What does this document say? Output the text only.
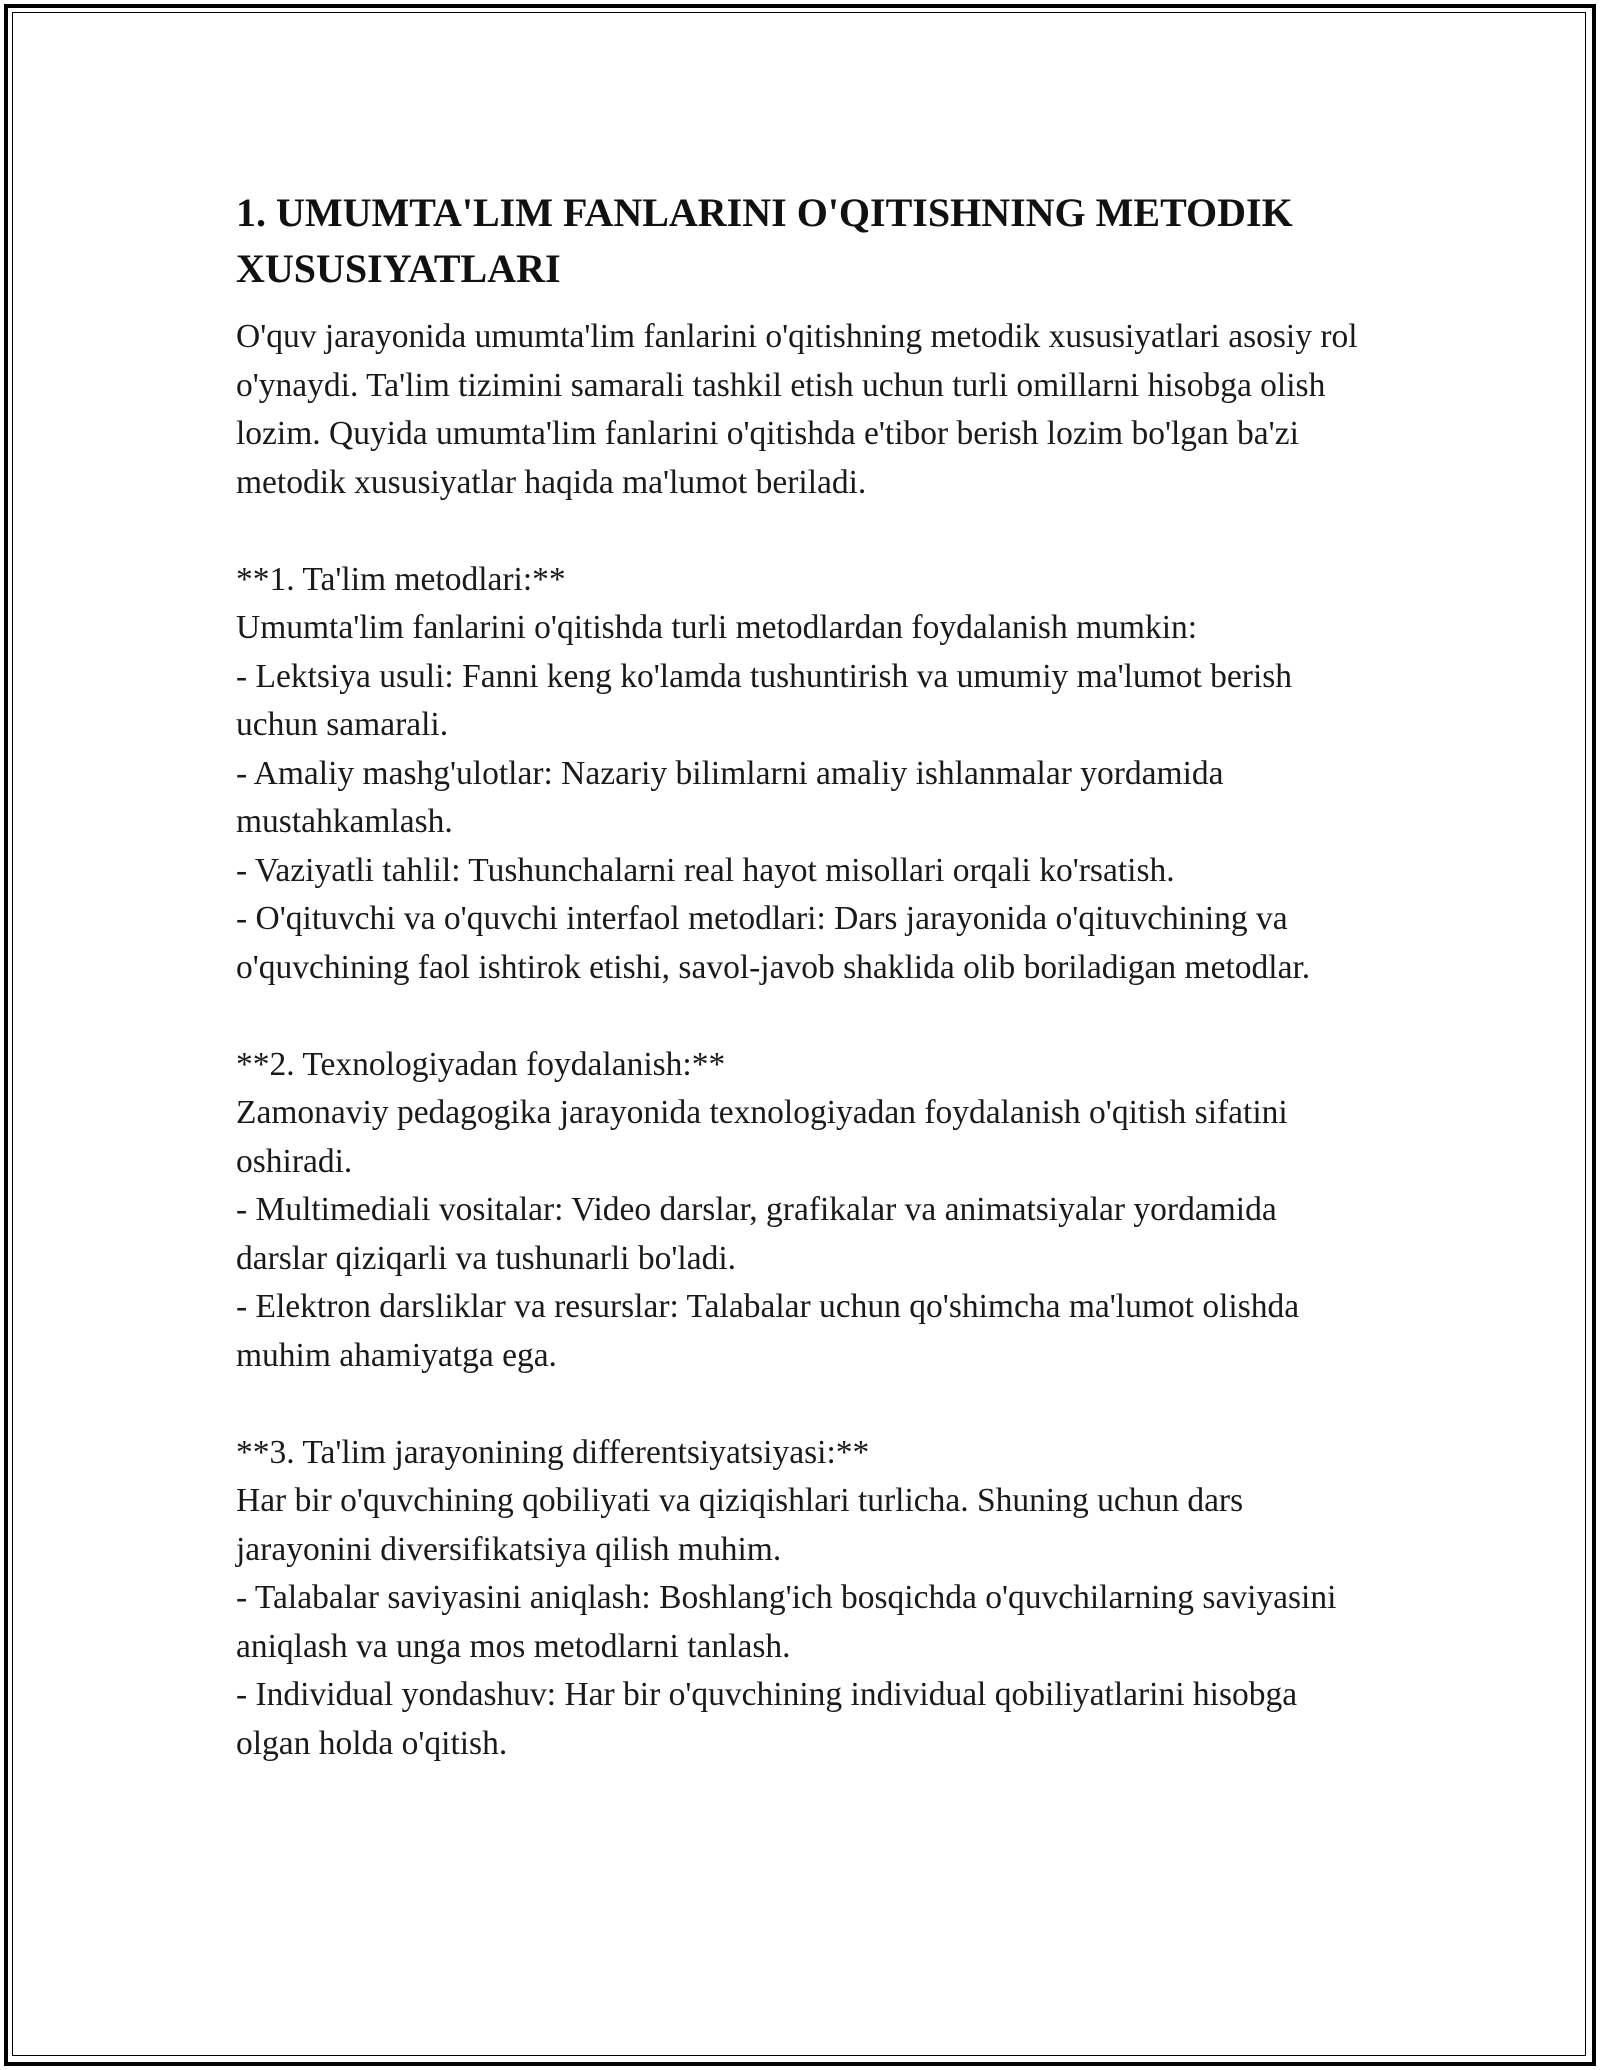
1. UMUMTA'LIM FANLARINI O'QITISHNING METODIK XUSUSIYATLARI

O'quv jarayonida umumta'lim fanlarini o'qitishning metodik xususiyatlari asosiy rol o'ynaydi. Ta'lim tizimini samarali tashkil etish uchun turli omillarni hisobga olish lozim. Quyida umumta'lim fanlarini o'qitishda e'tibor berish lozim bo'lgan ba'zi metodik xususiyatlar haqida ma'lumot beriladi.

**1. Ta'lim metodlari:**
Umumta'lim fanlarini o'qitishda turli metodlardan foydalanish mumkin:
- Lektsiya usuli: Fanni keng ko'lamda tushuntirish va umumiy ma'lumot berish uchun samarali.
- Amaliy mashg'ulotlar: Nazariy bilimlarni amaliy ishlanmalar yordamida mustahkamlash.
- Vaziyatli tahlil: Tushunchalarni real hayot misollari orqali ko'rsatish.
- O'qituvchi va o'quvchi interfaol metodlari: Dars jarayonida o'qituvchining va o'quvchining faol ishtirok etishi, savol-javob shaklida olib boriladigan metodlar.
**2. Texnologiyadan foydalanish:**
Zamonaviy pedagogika jarayonida texnologiyadan foydalanish o'qitish sifatini oshiradi.
- Multimediali vositalar: Video darslar, grafikalar va animatsiyalar yordamida darslar qiziqarli va tushunarli bo'ladi.
- Elektron darsliklar va resurslar: Talabalar uchun qo'shimcha ma'lumot olishda muhim ahamiyatga ega.
**3. Ta'lim jarayonining differentsiyatsiyasi:**
Har bir o'quvchining qobiliyati va qiziqishlari turlicha. Shuning uchun dars jarayonini diversifikatsiya qilish muhim.
- Talabalar saviyasini aniqlash: Boshlang'ich bosqichda o'quvchilarning saviyasini aniqlash va unga mos metodlarni tanlash.
- Individual yondashuv: Har bir o'quvchining individual qobiliyatlarini hisobga olgan holda o'qitish.
